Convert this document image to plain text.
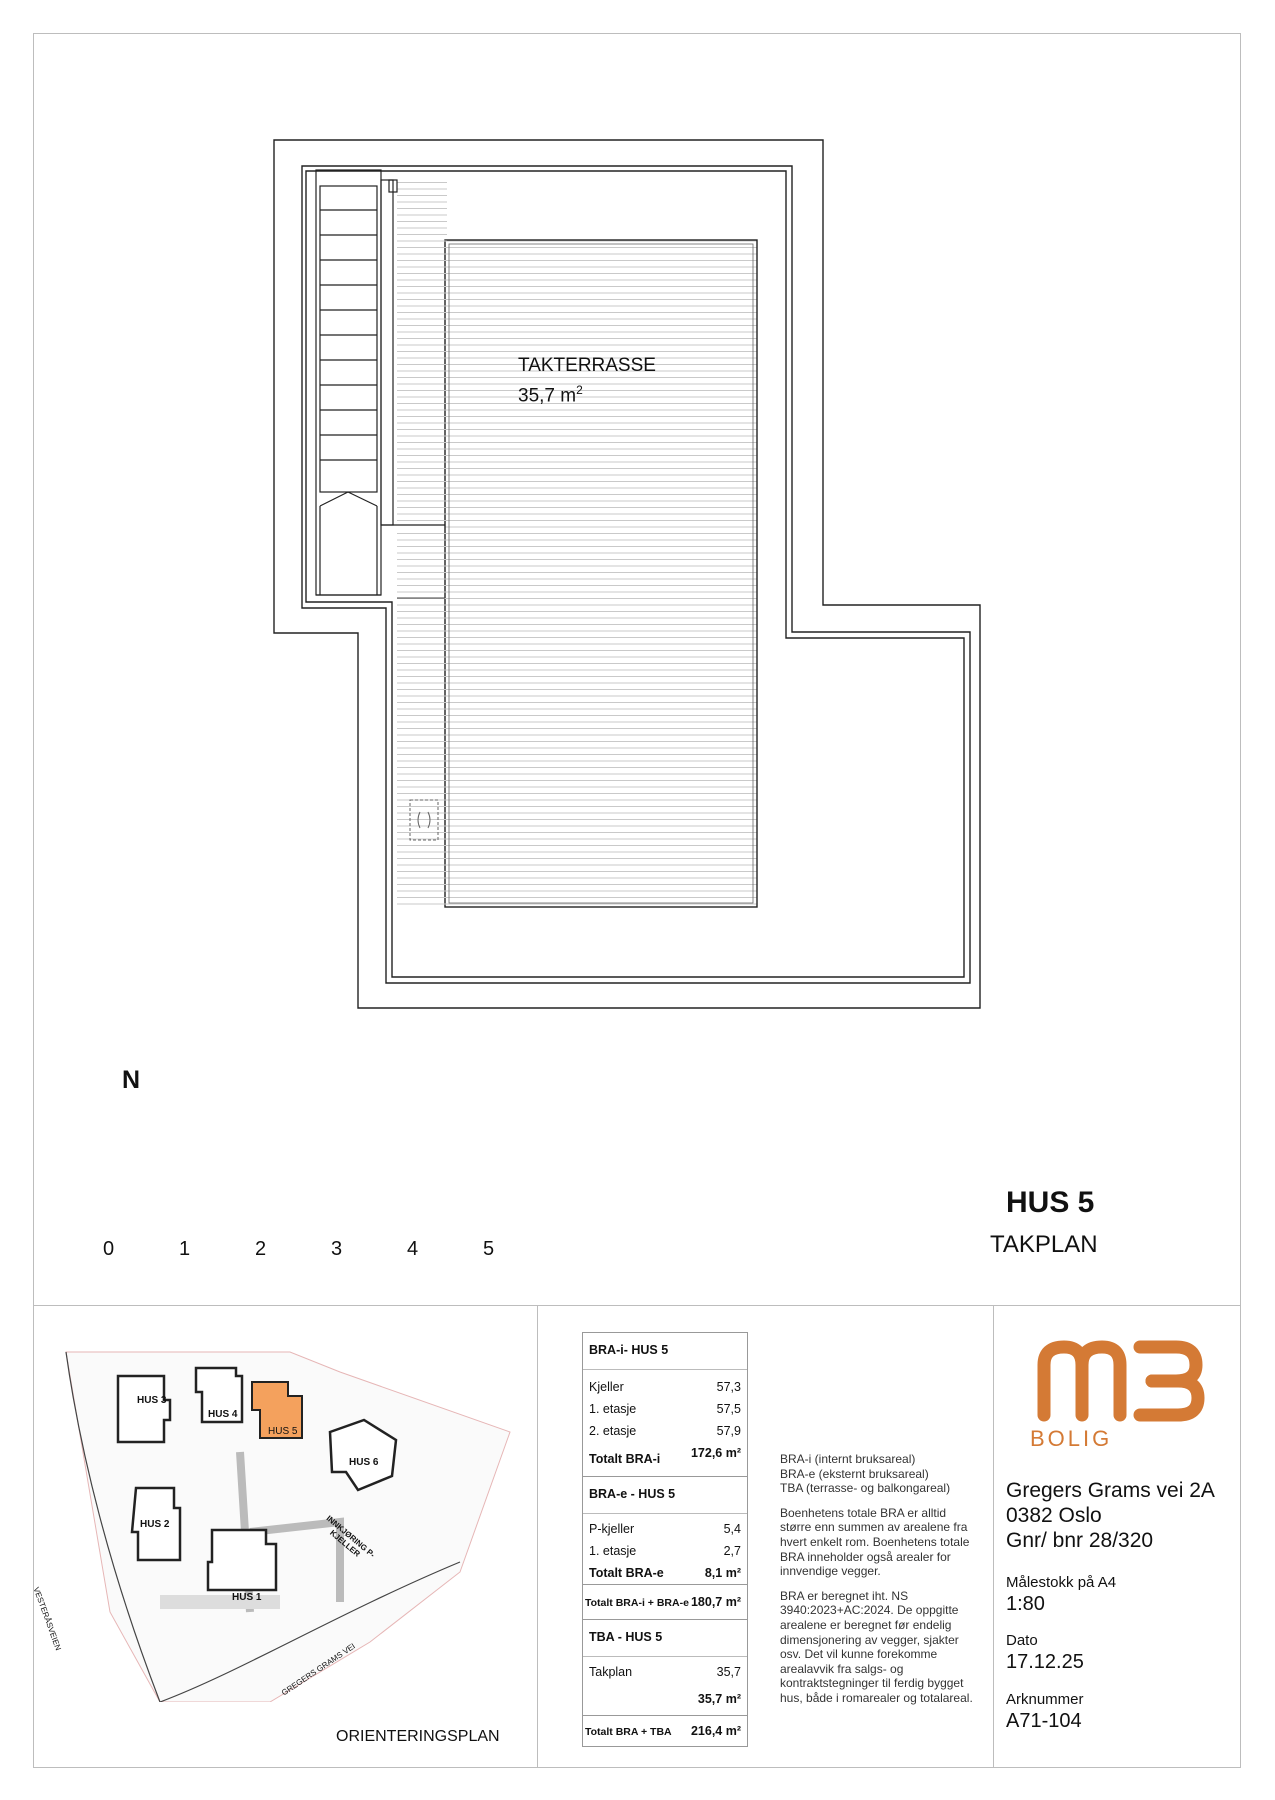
TAKTERRASSE
35,7 $m^2$
N
0	1	2	3	4	5
HUS 5
TAKPLAN
HUS 3
HUS 4
HUS 5
HUS 6
HUS 2
HUS 1
VESTERÅSVEIEN
GREGERS GRAMS VEI
INNKJØRING P-KJELLER
ORIENTERINGSPLAN
BRA-i- HUS 5
Kjeller	57,3
1. etasje	57,5
2. etasje	57,9
Totalt BRA-i 172,6 m²
BRA-e - HUS 5
P-kjeller	5,4
1. etasje	2,7
Totalt BRA-e	8,1 m²
Totalt BRA-i + BRA-e 180,7 m²
TBA - HUS 5
Takplan	35,7
35,7 m²
Totalt BRA + TBA 216,4 m²

BRA-i (internt bruksareal)
BRA-e (eksternt bruksareal)
TBA (terrasse- og balkongareal)

Boenhetens totale BRA er alltid større enn summen av arealene fra hvert enkelt rom. Boenhetens totale BRA inneholder også arealer for innvendige vegger.

BRA er beregnet iht. NS 3940:2023+AC:2024. De oppgitte arealene er beregnet før endelig dimensjonering av vegger, sjakter osv. Det vil kunne forekomme arealavvik fra salgs- og kontraktstegninger til ferdig bygget hus, både i romarealer og totalareal.

BOLIG
Gregers Grams vei 2A
0382 Oslo
Gnr/ bnr 28/320
Målestokk på A4
1:80
Dato
17.12.25
Arknummer
A71-104
